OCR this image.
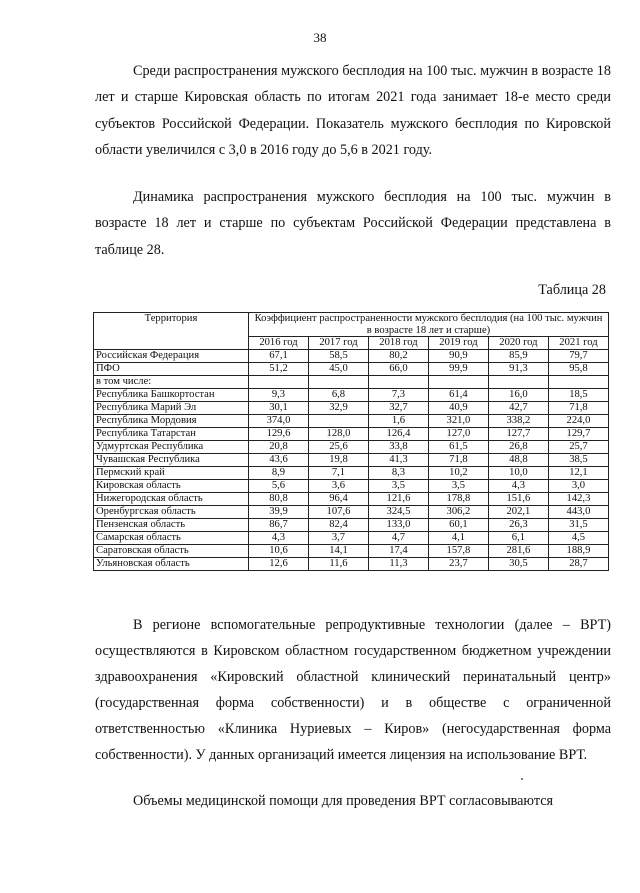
38

Среди распространения мужского бесплодия на 100 тыс. мужчин в возрасте 18 лет и старше Кировская область по итогам 2021 года занимает 18-е место среди субъектов Российской Федерации. Показатель мужского бесплодия по Кировской области увеличился с 3,0 в 2016 году до 5,6 в 2021 году.

Динамика распространения мужского бесплодия на 100 тыс. мужчин в возрасте 18 лет и старше по субъектам Российской Федерации представлена в таблице 28.

Таблица 28
Территория	Коэффициент распространенности мужского бесплодия (на 100 тыс. мужчин в возрасте 18 лет и старше)					
	2016 год	2017 год	2018 год	2019 год	2020 год	2021 год
Российская Федерация	67,1	58,5	80,2	90,9	85,9	79,7
ПФО	51,2	45,0	66,0	99,9	91,3	95,8
в том числе:						
Республика Башкортостан	9,3	6,8	7,3	61,4	16,0	18,5
Республика Марий Эл	30,1	32,9	32,7	40,9	42,7	71,8
Республика Мордовия	374,0		1,6	321,0	338,2	224,0
Республика Татарстан	129,6	128,0	126,4	127,0	127,7	129,7
Удмуртская Республика	20,8	25,6	33,8	61,5	26,8	25,7
Чувашская Республика	43,6	19,8	41,3	71,8	48,8	38,5
Пермский край	8,9	7,1	8,3	10,2	10,0	12,1
Кировская область	5,6	3,6	3,5	3,5	4,3	3,0
Нижегородская область	80,8	96,4	121,6	178,8	151,6	142,3
Оренбургская область	39,9	107,6	324,5	306,2	202,1	443,0
Пензенская область	86,7	82,4	133,0	60,1	26,3	31,5
Самарская область	4,3	3,7	4,7	4,1	6,1	4,5
Саратовская область	10,6	14,1	17,4	157,8	281,6	188,9
Ульяновская область	12,6	11,6	11,3	23,7	30,5	28,7

В регионе вспомогательные репродуктивные технологии (далее – ВРТ) осуществляются в Кировском областном государственном бюджетном учреждении здравоохранения «Кировский областной клинический перинатальный центр» (государственная форма собственности) и в обществе с ограниченной ответственностью «Клиника Нуриевых – Киров» (негосударственная форма собственности). У данных организаций имеется лицензия на использование ВРТ.

Объемы медицинской помощи для проведения ВРТ согласовываются
